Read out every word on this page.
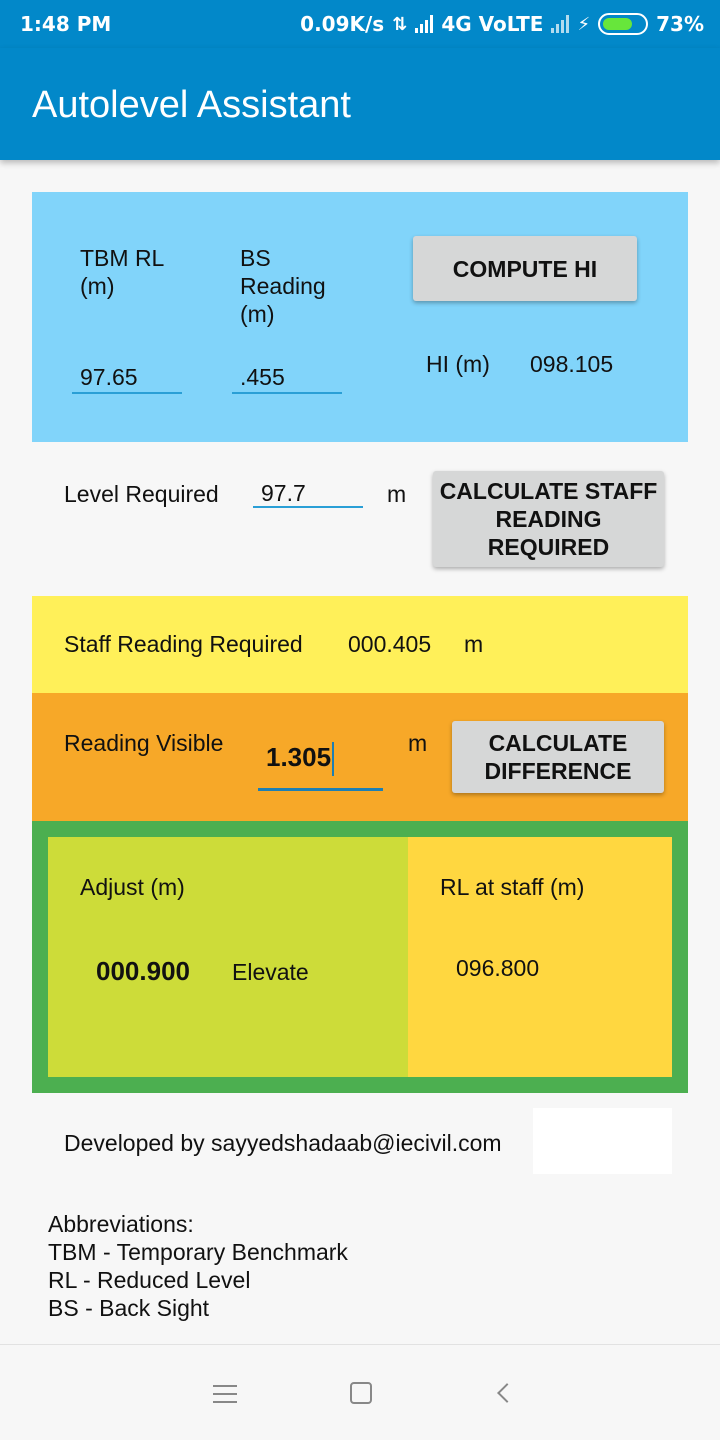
1:48 PM	0.09K/s ⇅ 4G VoLTE ⚡	73%
Autolevel Assistant
TBM RL
(m)
BS
Reading
(m)
97.65	.455
COMPUTE HI
HI (m) 098.105
Level Required	97.7	m CALCULATE STAFF
READING
REQUIRED
Staff Reading Required 000.405 m
Reading Visible	1.305	m	CALCULATE
DIFFERENCE
Adjust (m)
000.900 Elevate
RL at staff (m)
096.800
Developed by sayyedshadaab@iecivil.com
Abbreviations:
TBM - Temporary Benchmark
RL - Reduced Level
BS - Back Sight
